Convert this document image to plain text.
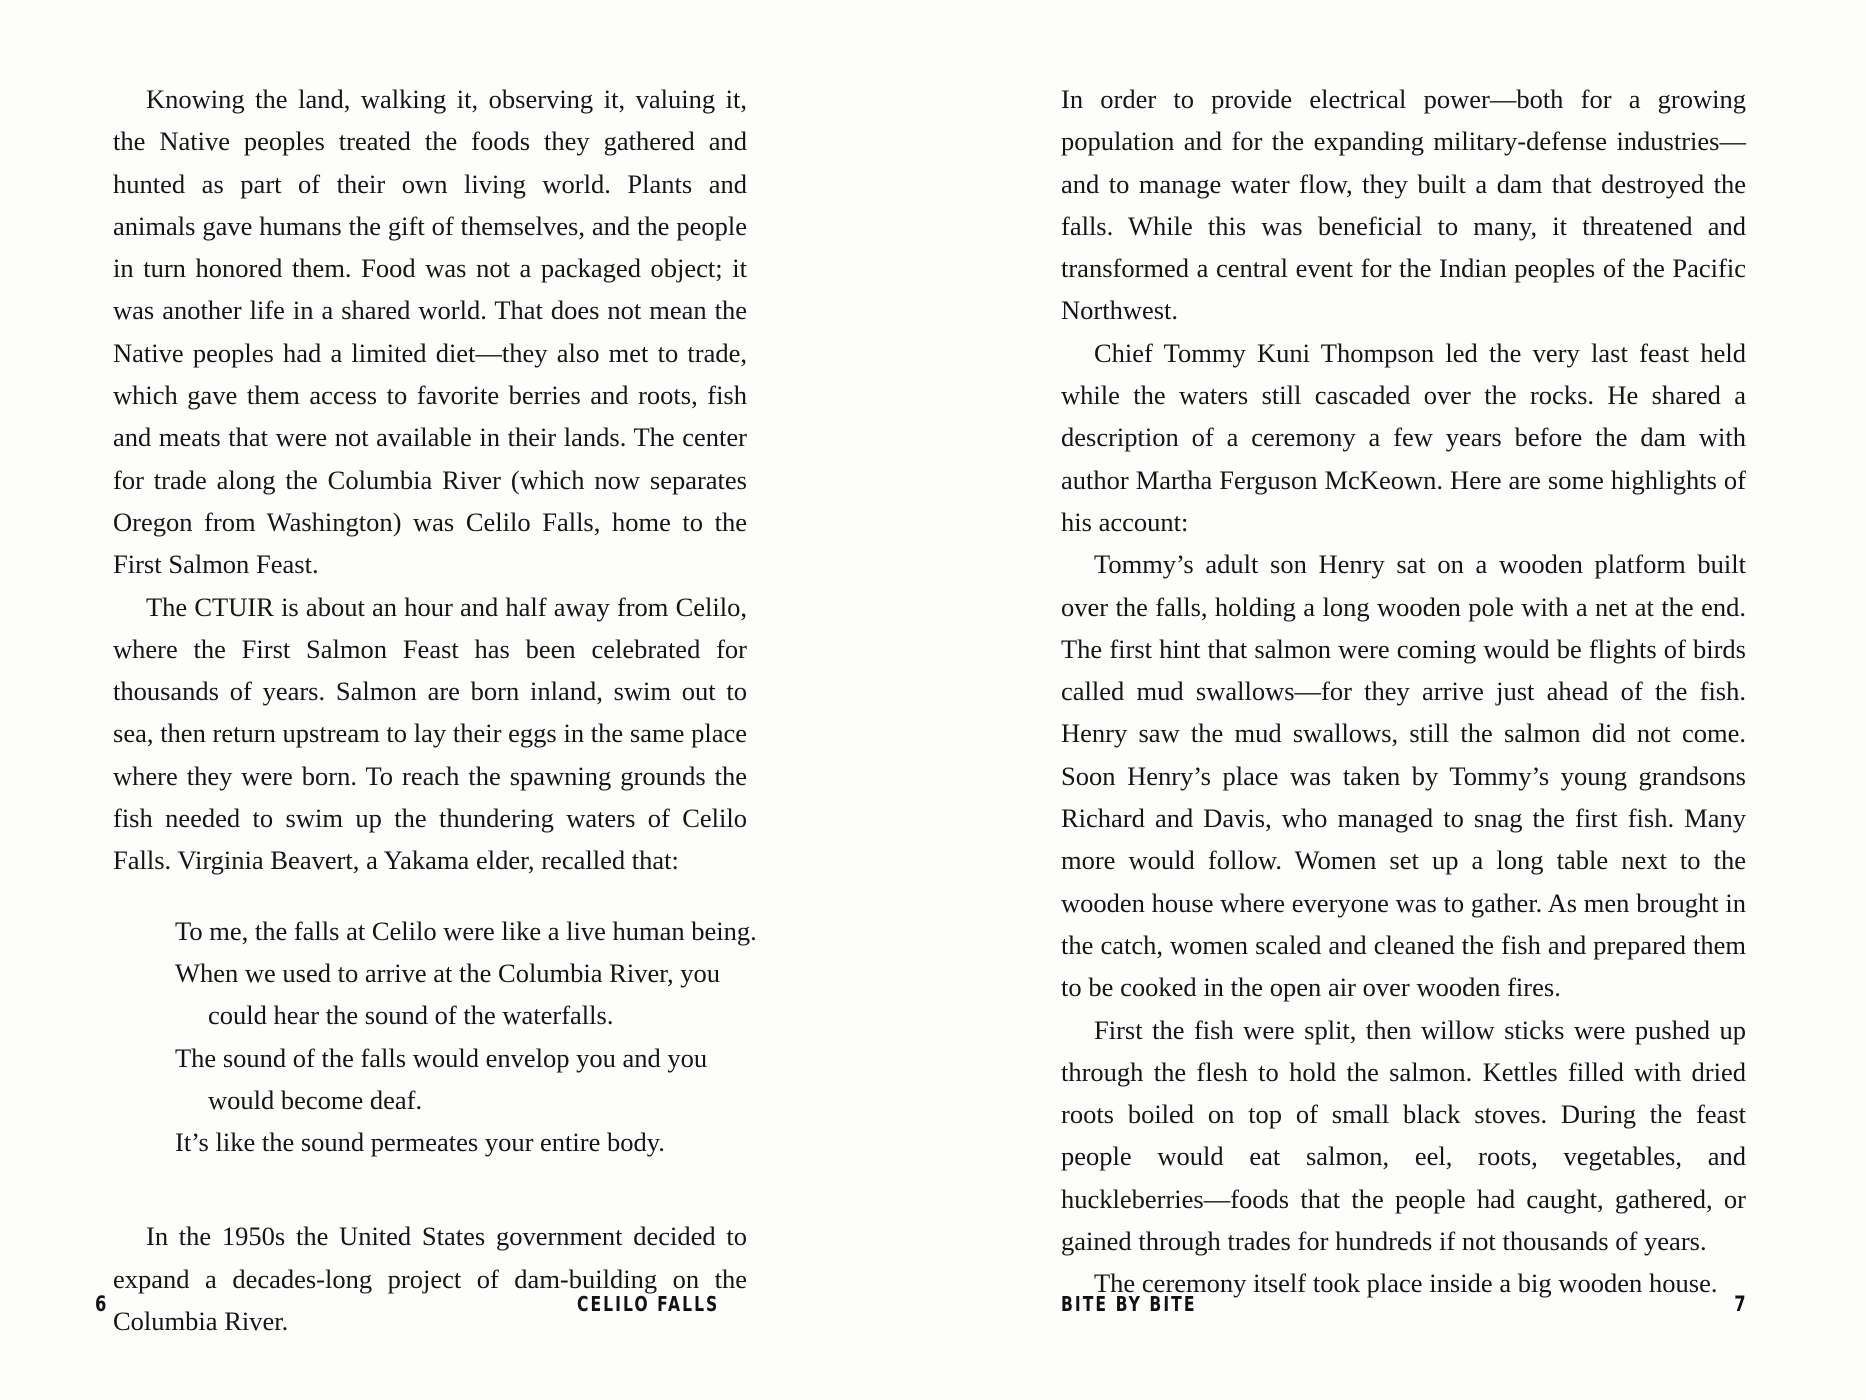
Knowing the land, walking it, observing it, valuing it, the Native peoples treated the foods they gathered and hunted as part of their own living world. Plants and animals gave humans the gift of themselves, and the people in turn honored them. Food was not a packaged object; it was another life in a shared world. That does not mean the Native peoples had a limited diet—they also met to trade, which gave them access to favorite berries and roots, fish and meats that were not available in their lands. The center for trade along the Columbia River (which now separates Oregon from Washington) was Celilo Falls, home to the First Salmon Feast.

The CTUIR is about an hour and half away from Celilo, where the First Salmon Feast has been celebrated for thousands of years. Salmon are born inland, swim out to sea, then return upstream to lay their eggs in the same place where they were born. To reach the spawning grounds the fish needed to swim up the thundering waters of Celilo Falls. Virginia Beavert, a Yakama elder, recalled that:

To me, the falls at Celilo were like a live human being.

When we used to arrive at the Columbia River, you

could hear the sound of the waterfalls.

The sound of the falls would envelop you and you

would become deaf.

It’s like the sound permeates your entire body.

In the 1950s the United States government decided to expand a decades-long project of dam-building on the Columbia River.

In order to provide electrical power—both for a growing population and for the expanding military-defense industries—and to manage water flow, they built a dam that destroyed the falls. While this was beneficial to many, it threatened and transformed a central event for the Indian peoples of the Pacific Northwest.

Chief Tommy Kuni Thompson led the very last feast held while the waters still cascaded over the rocks. He shared a description of a ceremony a few years before the dam with author Martha Ferguson McKeown. Here are some highlights of his account:

Tommy’s adult son Henry sat on a wooden platform built over the falls, holding a long wooden pole with a net at the end. The first hint that salmon were coming would be flights of birds called mud swallows—for they arrive just ahead of the fish. Henry saw the mud swallows, still the salmon did not come. Soon Henry’s place was taken by Tommy’s young grandsons Richard and Davis, who managed to snag the first fish. Many more would follow. Women set up a long table next to the wooden house where everyone was to gather. As men brought in the catch, women scaled and cleaned the fish and prepared them to be cooked in the open air over wooden fires.

First the fish were split, then willow sticks were pushed up through the flesh to hold the salmon. Kettles filled with dried roots boiled on top of small black stoves. During the feast people would eat salmon, eel, roots, vegetables, and huckleberries—foods that the people had caught, gathered, or gained through trades for hundreds if not thousands of years.

The ceremony itself took place inside a big wooden house.

6	CELILO FALLS	BITE BY BITE	7
